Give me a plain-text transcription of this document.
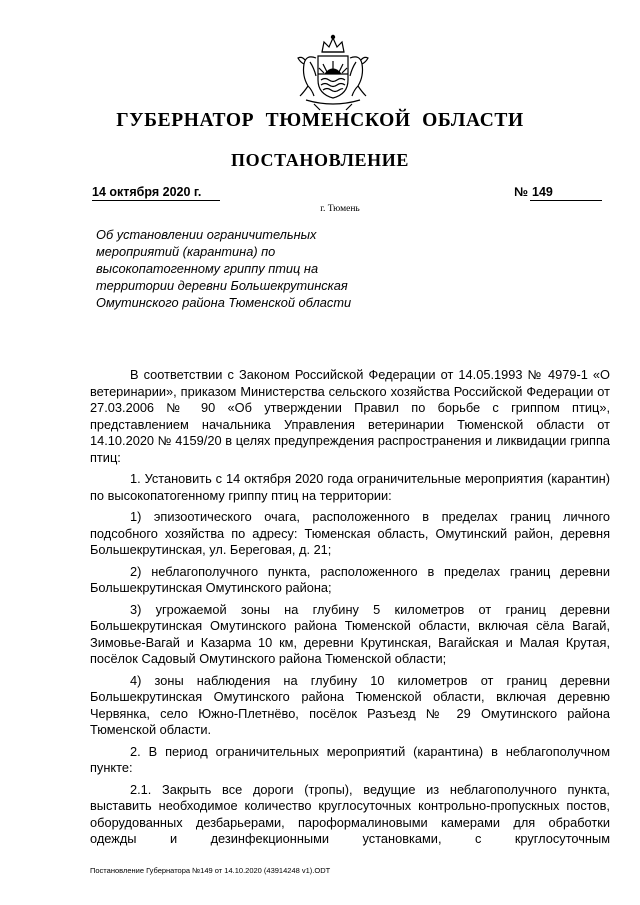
ГУБЕРНАТОР ТЮМЕНСКОЙ ОБЛАСТИ
ПОСТАНОВЛЕНИЕ
14 октября 2020 г.	№ 149
г. Тюмень
Об установлении ограничительных мероприятий (карантина) по высокопатогенному гриппу птиц на территории деревни Большекрутинская Омутинского района Тюменской области

В соответствии с Законом Российской Федерации от 14.05.1993 № 4979-1 «О ветеринарии», приказом Министерства сельского хозяйства Российской Федерации от 27.03.2006 № 90 «Об утверждении Правил по борьбе с гриппом птиц», представлением начальника Управления ветеринарии Тюменской области от 14.10.2020 № 4159/20 в целях предупреждения распространения и ликвидации гриппа птиц:

1. Установить с 14 октября 2020 года ограничительные мероприятия (карантин) по высокопатогенному гриппу птиц на территории:

1) эпизоотического очага, расположенного в пределах границ личного подсобного хозяйства по адресу: Тюменская область, Омутинский район, деревня Большекрутинская, ул. Береговая, д. 21;

2) неблагополучного пункта, расположенного в пределах границ деревни Большекрутинская Омутинского района;

3) угрожаемой зоны на глубину 5 километров от границ деревни Большекрутинская Омутинского района Тюменской области, включая сёла Вагай, Зимовье-Вагай и Казарма 10 км, деревни Крутинская, Вагайская и Малая Крутая, посёлок Садовый Омутинского района Тюменской области;

4) зоны наблюдения на глубину 10 километров от границ деревни Большекрутинская Омутинского района Тюменской области, включая деревню Червянка, село Южно-Плетнёво, посёлок Разъезд № 29 Омутинского района Тюменской области.

2. В период ограничительных мероприятий (карантина) в неблагополучном пункте:

2.1. Закрыть все дороги (тропы), ведущие из неблагополучного пункта, выставить необходимое количество круглосуточных контрольно-пропускных постов, оборудованных дезбарьерами, пароформалиновыми камерами для обработки одежды и дезинфекционными установками, с круглосуточным

Постановление Губернатора №149 от 14.10.2020 (43914248 v1).ODT
